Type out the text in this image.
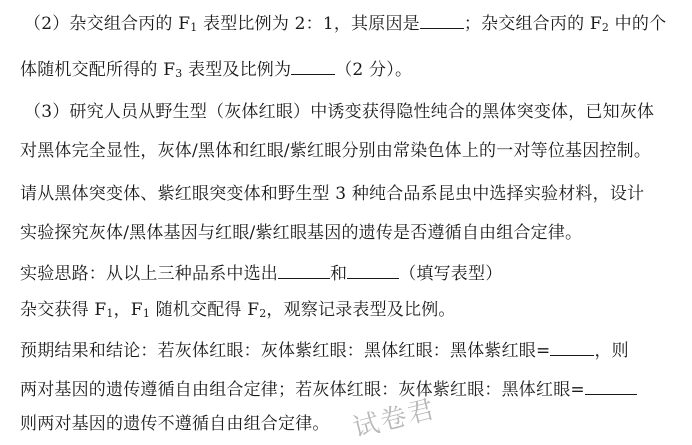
（2）杂交组合丙的 $F_1$ 表型比例为 2：1，其原因是	；杂交组合丙的 $F_2$ 中的个
体随机交配所得的 $F_3$ 表型及比例为	（2 分）。
（3）研究人员从野生型（灰体红眼）中诱变获得隐性纯合的黑体突变体，已知灰体
对黑体完全显性，灰体/黑体和红眼/紫红眼分别由常染色体上的一对等位基因控制。
请从黑体突变体、紫红眼突变体和野生型 3 种纯合品系昆虫中选择实验材料，设计
实验探究灰体/黑体基因与红眼/紫红眼基因的遗传是否遵循自由组合定律。
实验思路：从以上三种品系中选出	和	（填写表型）
杂交获得 $F_1$，$F_1$ 随机交配得 $F_2$，观察记录表型及比例。
预期结果和结论：若灰体红眼：灰体紫红眼：黑体红眼：黑体紫红眼=	，则
两对基因的遗传遵循自由组合定律；若灰体红眼：灰体紫红眼：黑体红眼=
则两对基因的遗传不遵循自由组合定律。 试卷君
